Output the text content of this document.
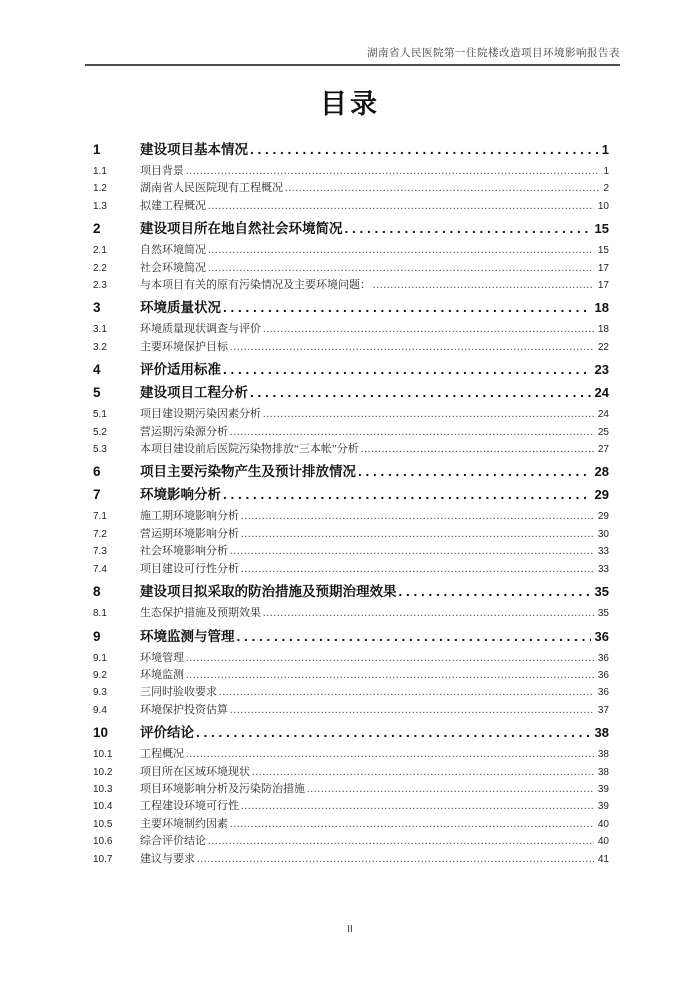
湖南省人民医院第一住院楼改造项目环境影响报告表
目录
1	建设项目基本情况 . . .	1
1.1	项目背景 .....	1
1.2	湖南省人民医院现有工程概况 .....	2
1.3	拟建工程概况 .....	10
2	建设项目所在地自然社会环境简况 . . .	15
2.1	自然环境简况 .....	15
2.2	社会环境简况 .....	17
2.3	与本项目有关的原有污染情况及主要环境问题： .....	17
3	环境质量状况 . . .	18
3.1	环境质量现状调查与评价 .....	18
3.2	主要环境保护目标 .....	22
4	评价适用标准 . . .	23
5	建设项目工程分析 . . .	24
5.1	项目建设期污染因素分析 .....	24
5.2	营运期污染源分析 .....	25
5.3	本项目建设前后医院污染物排放“三本帐”分析 .....	27
6	项目主要污染物产生及预计排放情况 . . .	28
7	环境影响分析 . . .	29
7.1	施工期环境影响分析 .....	29
7.2	营运期环境影响分析 .....	30
7.3	社会环境影响分析 .....	33
7.4	项目建设可行性分析 .....	33
8	建设项目拟采取的防治措施及预期治理效果 . . .	35
8.1	生态保护措施及预期效果 .....	35
9	环境监测与管理 . . .	36
9.1	环境管理 .....	36
9.2	环境监测 .....	36
9.3	三同时验收要求 .....	36
9.4	环境保护投资估算 .....	37
10	评价结论 . . .	38
10.1	工程概况 .....	38
10.2	项目所在区域环境现状 .....	38
10.3	项目环境影响分析及污染防治措施 .....	39
10.4	工程建设环境可行性 .....	39
10.5	主要环境制约因素 .....	40
10.6	综合评价结论 .....	40
10.7	建议与要求 .....	41
II
